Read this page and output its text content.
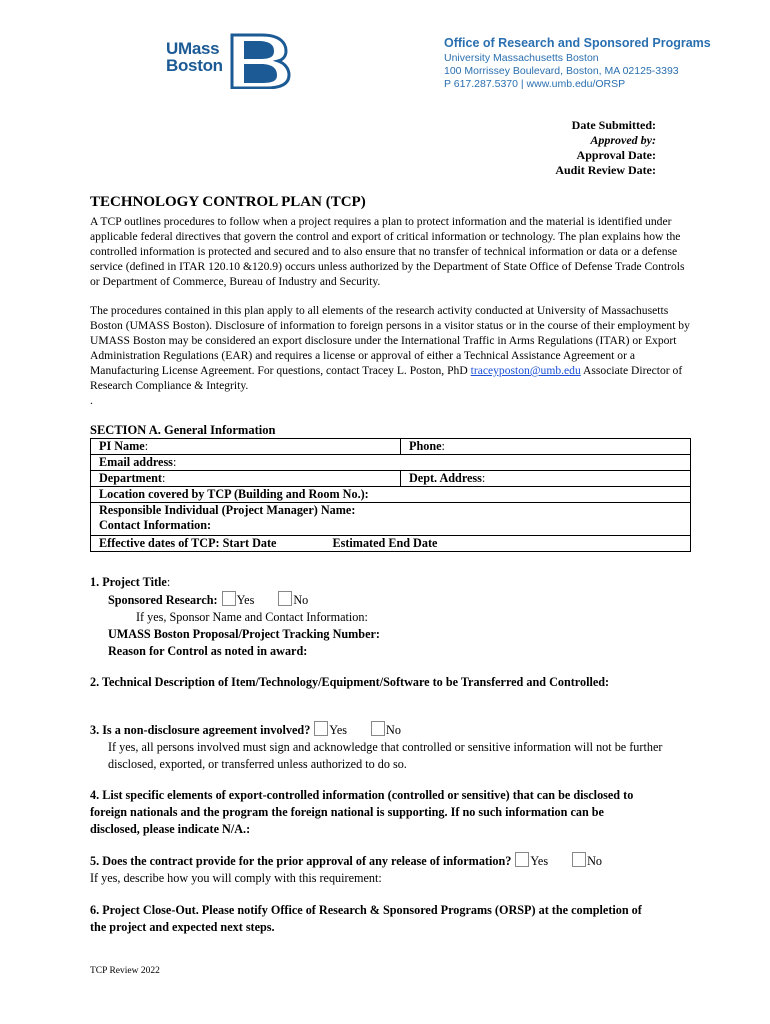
UMass
Boston
Office of Research and Sponsored Programs
University Massachusetts Boston
100 Morrissey Boulevard, Boston, MA 02125-3393
P 617.287.5370 | www.umb.edu/ORSP
Date Submitted:
Approved by:
Approval Date:
Audit Review Date:
TECHNOLOGY CONTROL PLAN (TCP)
A TCP outlines procedures to follow when a project requires a plan to protect information and the material is identified under applicable federal directives that govern the control and export of critical information or technology. The plan explains how the controlled information is protected and secured and to also ensure that no transfer of technical information or data or a defense service (defined in ITAR 120.10 &120.9) occurs unless authorized by the Department of State Office of Defense Trade Controls or Department of Commerce, Bureau of Industry and Security.
The procedures contained in this plan apply to all elements of the research activity conducted at University of Massachusetts Boston (UMASS Boston). Disclosure of information to foreign persons in a visitor status or in the course of their employment by UMASS Boston may be considered an export disclosure under the International Traffic in Arms Regulations (ITAR) or Export Administration Regulations (EAR) and requires a license or approval of either a Technical Assistance Agreement or a Manufacturing License Agreement. For questions, contact Tracey L. Poston, PhD traceyposton@umb.edu Associate Director of Research Compliance & Integrity.
.
SECTION A. General Information
PI Name:	Phone:
Email address:	
Department:	Dept. Address:
Location covered by TCP (Building and Room No.):	

Responsible Individual (Project Manager) Name:
Contact Information:	

Effective dates of TCP: Start Date Estimated End Date	
1. Project Title:
Sponsored Research: Yes	No
If yes, Sponsor Name and Contact Information:
UMASS Boston Proposal/Project Tracking Number:
Reason for Control as noted in award:
2. Technical Description of Item/Technology/Equipment/Software to be Transferred and Controlled:
3. Is a non-disclosure agreement involved? Yes	No
If yes, all persons involved must sign and acknowledge that controlled or sensitive information will not be further disclosed, exported, or transferred unless authorized to do so.
4. List specific elements of export-controlled information (controlled or sensitive) that can be disclosed to foreign nationals and the program the foreign national is supporting. If no such information can be disclosed, please indicate N/A.:
5. Does the contract provide for the prior approval of any release of information? Yes	No
If yes, describe how you will comply with this requirement:
6. Project Close-Out. Please notify Office of Research & Sponsored Programs (ORSP) at the completion of the project and expected next steps.
TCP Review 2022
